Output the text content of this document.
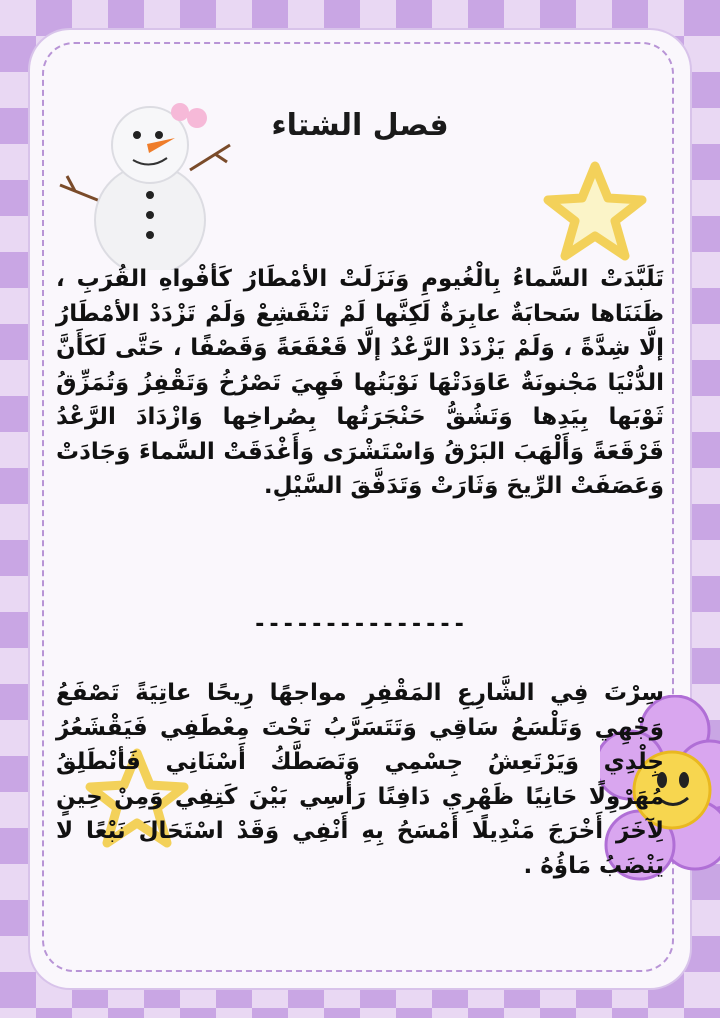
فصل الشتاء
تَلَبَّدَتْ السَّماءُ بِالْغُيومِ وَنَزَلَتْ الأمْطَارُ كَأفْواهِ القُرَبِ ، ظَنَنَاها سَحابَةٌ عابِرَةٌ لَكِنَّها لَمْ تَنْقَشِعْ وَلَمْ تَزْدَدْ الأمْطَارُ إلَّا شِدَّةً ، وَلَمْ يَزْدَدْ الرَّعْدُ إلَّا قَعْقَعَةً وَقَصْفًا ، حَتَّى لَكَأَنَّ الدُّنْيَا مَجْنونَةٌ عَاوَدَتْهَا نَوْبَتُها فَهِيَ تَصْرُخُ وَتَقْفِزُ وَتُمَزِّقُ ثَوْبَها بِيَدِها وَتَشُقُّ حَنْجَرَتُها بِصُراخِها وَازْدَادَ الرَّعْدُ قَرْقَعَةً وَأَلْهَبَ البَرْقُ وَاسْتَشْرَى وَأَغْدَقَتْ السَّماءَ وَجَادَتْ وَعَصَفَتْ الرِّيحَ وَثَارَتْ وَتَدَفَّقَ السَّيْلِ.
---------------
سِرْتَ فِي الشَّارِعِ المَقْفِرِ مواجهًا رِيحًا عاتِيَةً تَصْفَعُ وَجْهِي وَتَلْسَعُ سَاقِي وَتَتَسَرَّبُ تَحْتَ مِعْطَفِي فَيَقْشَعُرُ جِلْدِي وَيَرْتَعِشُ جِسْمِي وَتَصَطَّكُ أَسْنَانِي فَأنْطَلِقُ مُهَرْوِلًا حَانِيًا ظَهْرِي دَافِنًا رَأْسِي بَيْنَ كَتِفِي وَمِنْ حِينٍ لِآخَرَ أَخْرَجَ مَنْدِيلًا أَمْسَحُ بِهِ أَنْفِي وَقَدْ اسْتَحَالَ نَبْعًا لا يَنْضَبُ مَاؤُهُ .
